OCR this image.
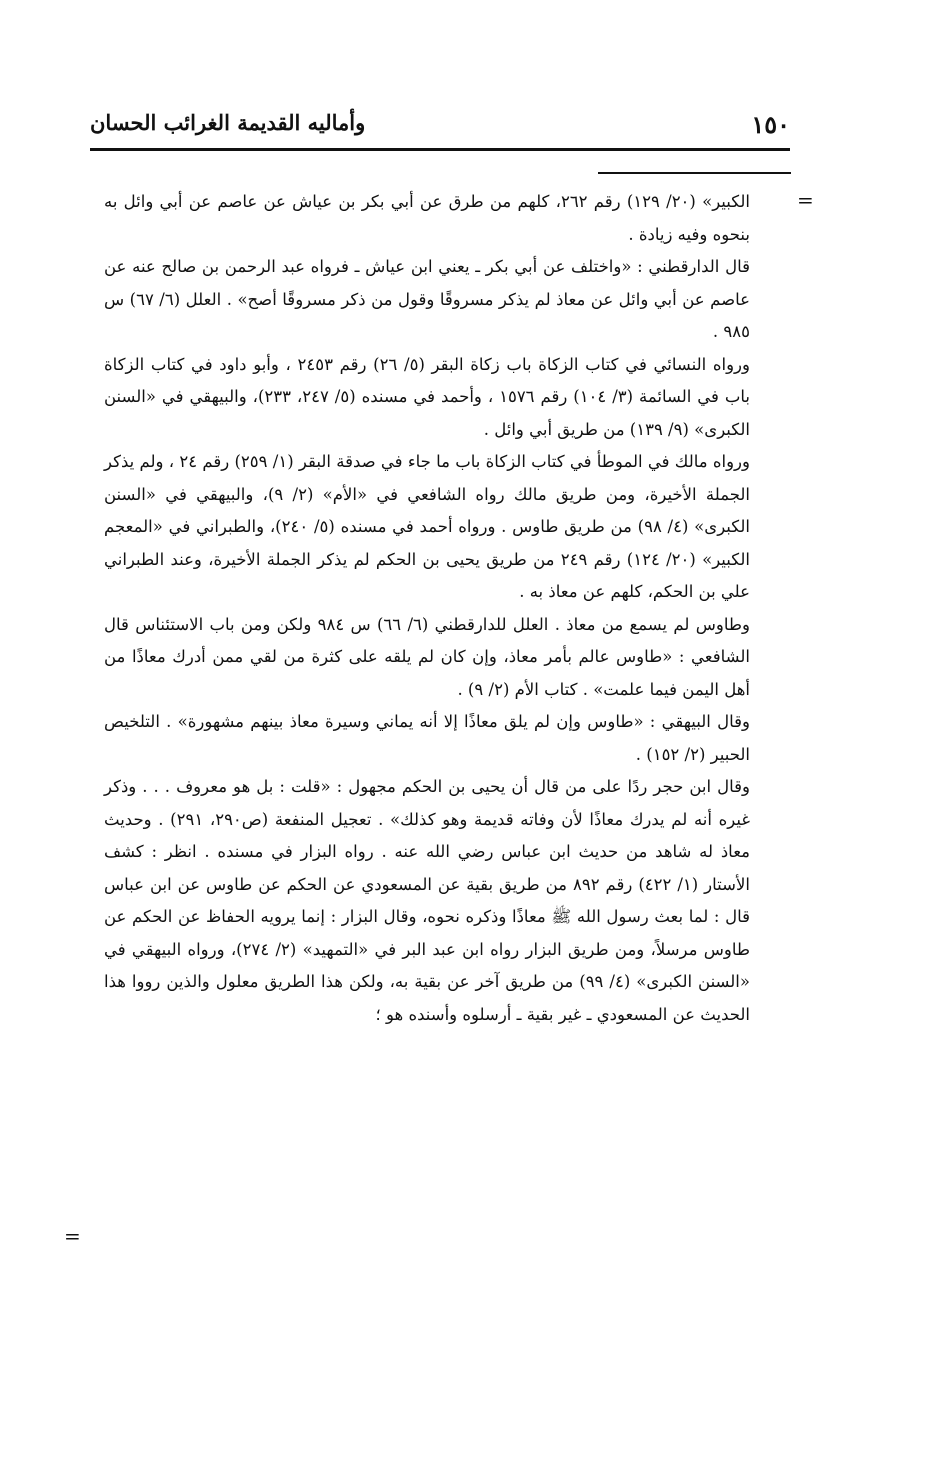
١٥٠
وأماليه القديمة الغرائب الحسان
=
=

الكبير» (٢٠/ ١٢٩) رقم ٢٦٢، كلهم من طرق عن أبي بكر بن عياش عن عاصم عن أبي وائل به بنحوه وفيه زيادة .

قال الدارقطني : «واختلف عن أبي بكر ـ يعني ابن عياش ـ فرواه عبد الرحمن بن صالح عنه عن عاصم عن أبي وائل عن معاذ لم يذكر مسروقًا وقول من ذكر مسروقًا أصح» . العلل (٦/ ٦٧) س ٩٨٥ .

ورواه النسائي في كتاب الزكاة باب زكاة البقر (٥/ ٢٦) رقم ٢٤٥٣ ، وأبو داود في كتاب الزكاة باب في السائمة (٣/ ١٠٤) رقم ١٥٧٦ ، وأحمد في مسنده (٥/ ٢٤٧، ٢٣٣)، والبيهقي في «السنن الكبرى» (٩/ ١٣٩) من طريق أبي وائل .

ورواه مالك في الموطأ في كتاب الزكاة باب ما جاء في صدقة البقر (١/ ٢٥٩) رقم ٢٤ ، ولم يذكر الجملة الأخيرة، ومن طريق مالك رواه الشافعي في «الأم» (٢/ ٩)، والبيهقي في «السنن الكبرى» (٤/ ٩٨) من طريق طاوس . ورواه أحمد في مسنده (٥/ ٢٤٠)، والطبراني في «المعجم الكبير» (٢٠/ ١٢٤) رقم ٢٤٩ من طريق يحيى بن الحكم لم يذكر الجملة الأخيرة، وعند الطبراني علي بن الحكم، كلهم عن معاذ به .

وطاوس لم يسمع من معاذ . العلل للدارقطني (٦/ ٦٦) س ٩٨٤ ولكن ومن باب الاستئناس قال الشافعي : «طاوس عالم بأمر معاذ، وإن كان لم يلقه على كثرة من لقي ممن أدرك معاذًا من أهل اليمن فيما علمت» . كتاب الأم (٢/ ٩) .

وقال البيهقي : «طاوس وإن لم يلق معاذًا إلا أنه يماني وسيرة معاذ بينهم مشهورة» . التلخيص الحبير (٢/ ١٥٢) .

وقال ابن حجر ردًا على من قال أن يحيى بن الحكم مجهول : «قلت : بل هو معروف . . . وذكر غيره أنه لم يدرك معاذًا لأن وفاته قديمة وهو كذلك» . تعجيل المنفعة (ص٢٩٠، ٢٩١) . وحديث معاذ له شاهد من حديث ابن عباس رضي الله عنه . رواه البزار في مسنده . انظر : كشف الأستار (١/ ٤٢٢) رقم ٨٩٢ من طريق بقية عن المسعودي عن الحكم عن طاوس عن ابن عباس قال : لما بعث رسول الله ﷺ معاذًا وذكره نحوه، وقال البزار : إنما يرويه الحفاظ عن الحكم عن طاوس مرسلاً، ومن طريق البزار رواه ابن عبد البر في «التمهيد» (٢/ ٢٧٤)، ورواه البيهقي في «السنن الكبرى» (٤/ ٩٩) من طريق آخر عن بقية به، ولكن هذا الطريق معلول والذين رووا هذا الحديث عن المسعودي ـ غير بقية ـ أرسلوه وأسنده هو ؛
